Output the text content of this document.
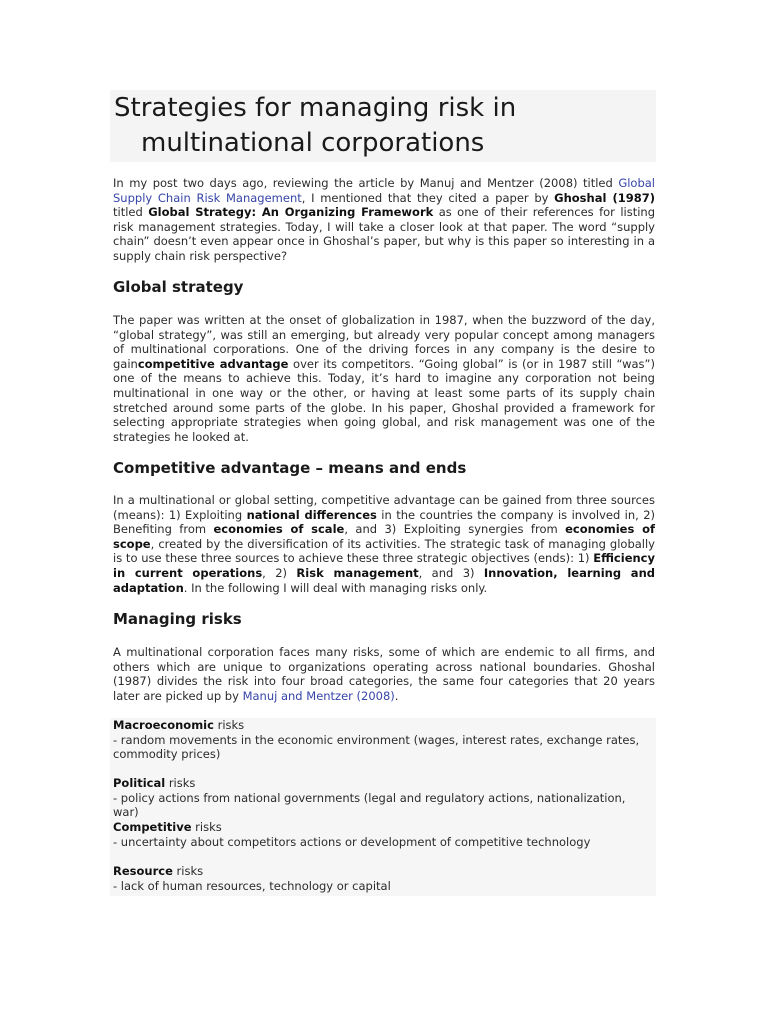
Strategies for managing risk in
multinational corporations

In my post two days ago, reviewing the article by Manuj and Mentzer (2008) titled Global Supply Chain Risk Management, I mentioned that they cited a paper by Ghoshal (1987) titled Global Strategy: An Organizing Framework as one of their references for listing risk management strategies. Today, I will take a closer look at that paper. The word “supply chain” doesn’t even appear once in Ghoshal’s paper, but why is this paper so interesting in a supply chain risk perspective?

Global strategy

The paper was written at the onset of globalization in 1987, when the buzzword of the day, “global strategy”, was still an emerging, but already very popular concept among managers of multinational corporations. One of the driving forces in any company is the desire to gaincompetitive advantage over its competitors. “Going global” is (or in 1987 still “was”) one of the means to achieve this. Today, it’s hard to imagine any corporation not being multinational in one way or the other, or having at least some parts of its supply chain stretched around some parts of the globe. In his paper, Ghoshal provided a framework for selecting appropriate strategies when going global, and risk management was one of the strategies he looked at.

Competitive advantage – means and ends

In a multinational or global setting, competitive advantage can be gained from three sources (means): 1) Exploiting national differences in the countries the company is involved in, 2) Benefiting from economies of scale, and 3) Exploiting synergies from economies of scope, created by the diversification of its activities. The strategic task of managing globally is to use these three sources to achieve these three strategic objectives (ends): 1) Efficiency in current operations, 2) Risk management, and 3) Innovation, learning and adaptation. In the following I will deal with managing risks only.

Managing risks

A multinational corporation faces many risks, some of which are endemic to all firms, and others which are unique to organizations operating across national boundaries. Ghoshal (1987) divides the risk into four broad categories, the same four categories that 20 years later are picked up by Manuj and Mentzer (2008).

Macroeconomic risks
- random movements in the economic environment (wages, interest rates, exchange rates, commodity prices)
Political risks
- policy actions from national governments (legal and regulatory actions, nationalization, war)
Competitive risks
- uncertainty about competitors actions or development of competitive technology
Resource risks
- lack of human resources, technology or capital
